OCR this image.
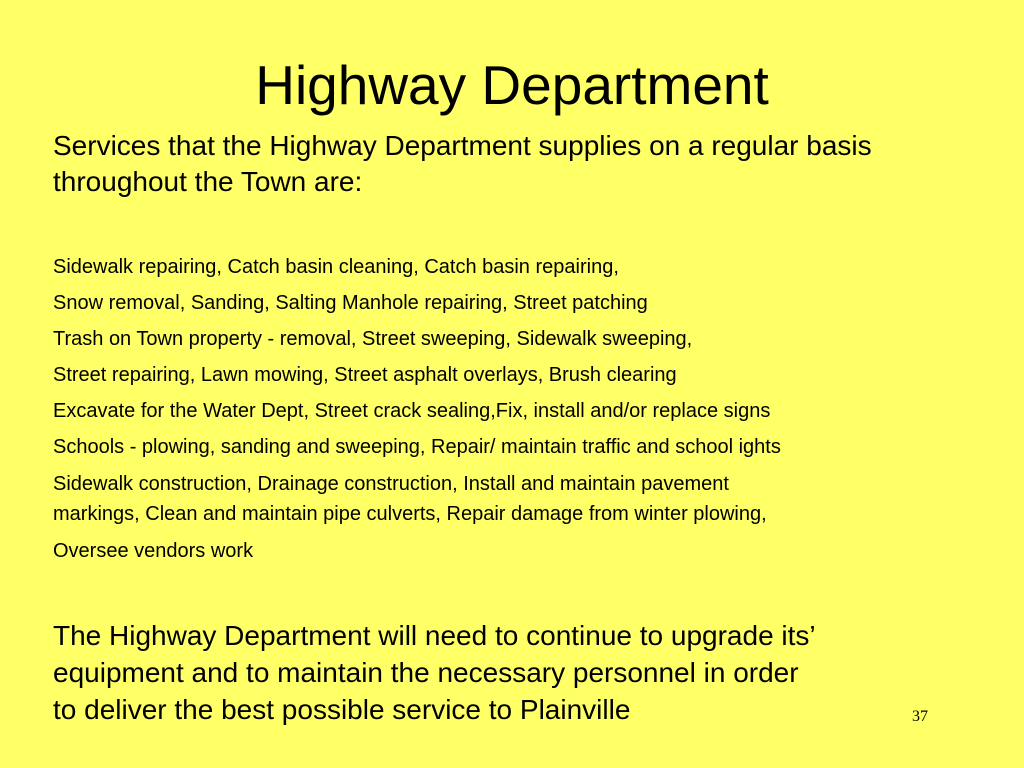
Highway Department

Services that the Highway Department supplies on a regular basis throughout the Town are:

Sidewalk repairing, Catch basin cleaning, Catch basin repairing,
Snow removal, Sanding, Salting Manhole repairing, Street patching
Trash on Town property - removal, Street sweeping, Sidewalk sweeping,
Street repairing, Lawn mowing, Street asphalt overlays, Brush clearing
Excavate for the Water Dept, Street crack sealing,Fix, install and/or replace signs
Schools - plowing, sanding and sweeping, Repair/ maintain traffic and school ights
Sidewalk construction, Drainage construction, Install and maintain pavement
markings, Clean and maintain pipe culverts, Repair damage from winter plowing,
Oversee vendors work

The Highway Department will need to continue to upgrade its’
equipment and to maintain the necessary personnel in order
to deliver the best possible service to Plainville	37
